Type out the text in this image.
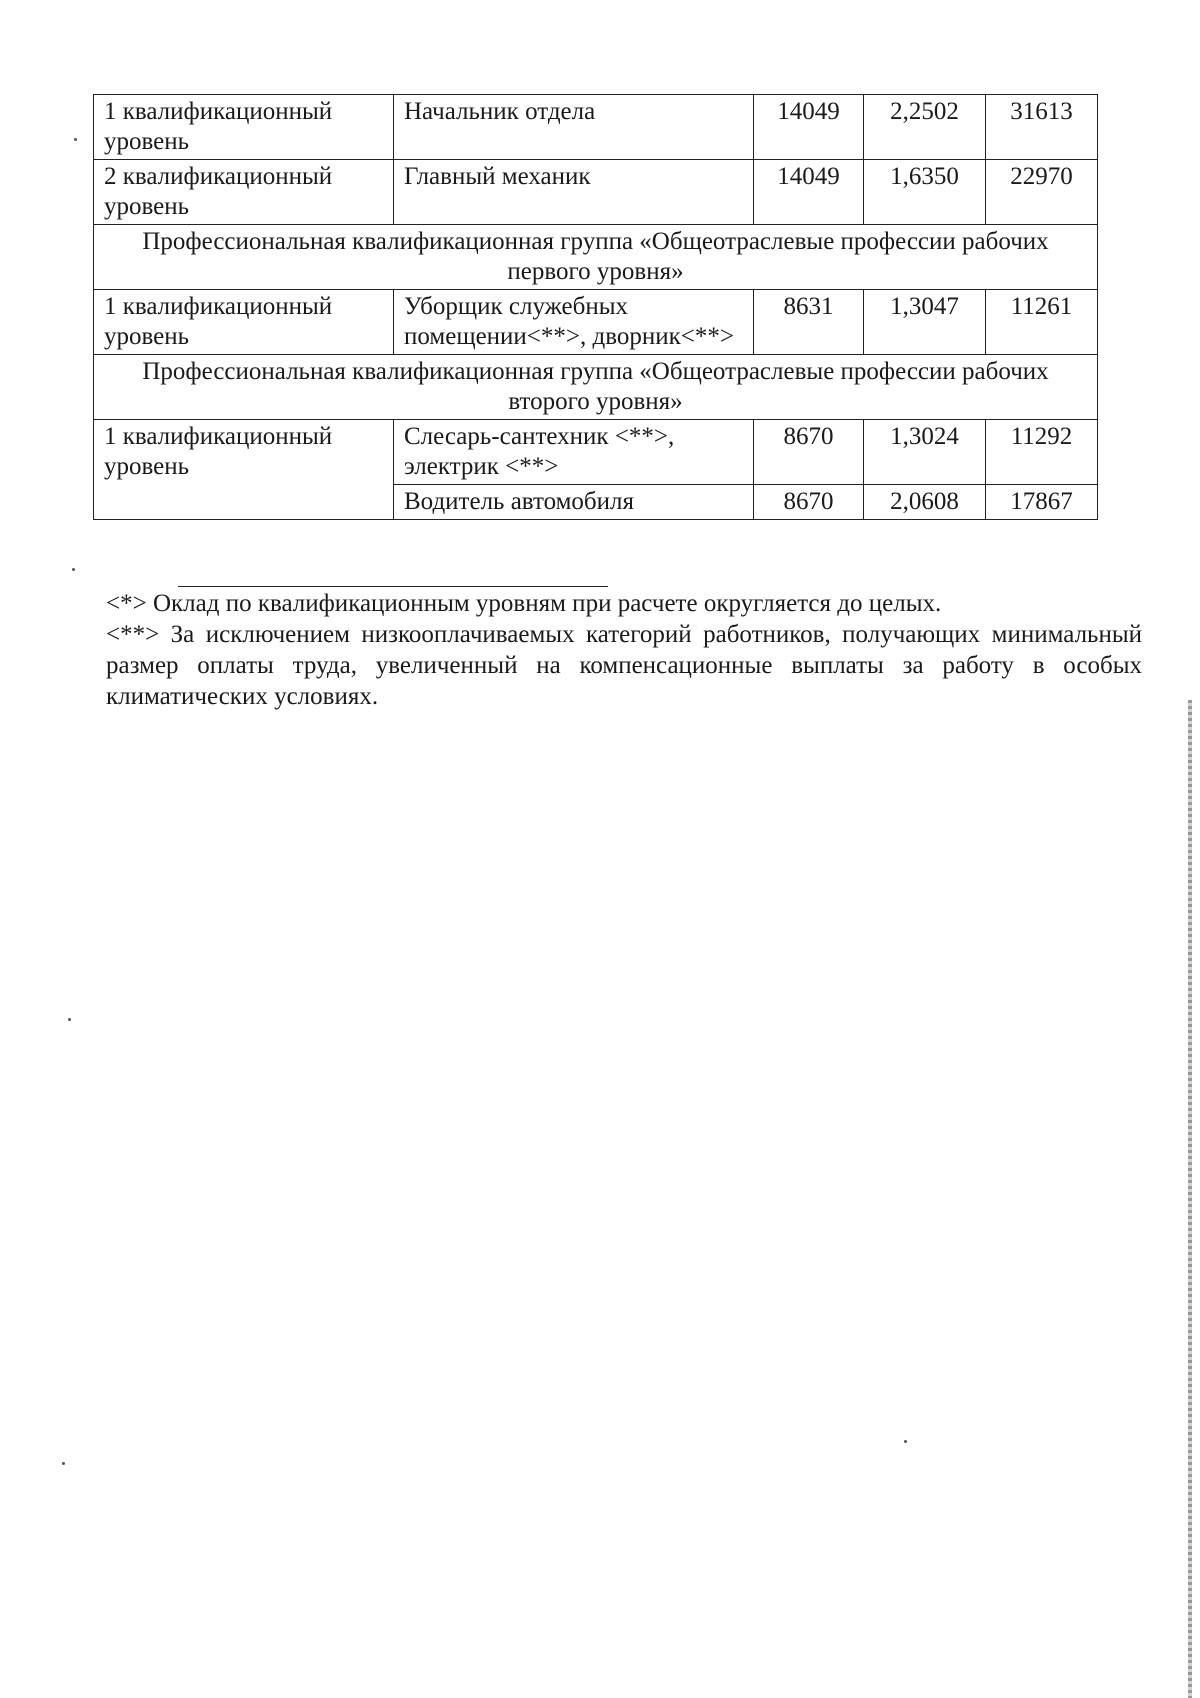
1 квалификационный уровень	Начальник отдела	14049	2,2502	31613
2 квалификационный уровень	Главный механик	14049	1,6350	22970
Профессиональная квалификационная группа «Общеотраслевые профессии рабочих первого уровня»				
1 квалификационный уровень	Уборщик служебных помещении<**>, дворник<**>	8631	1,3047	11261
Профессиональная квалификационная группа «Общеотраслевые профессии рабочих второго уровня»				
1 квалификационный уровень	Слесарь-сантехник <**>, электрик <**>	8670	1,3024	11292
	Водитель автомобиля	8670	2,0608	17867

<*> Оклад по квалификационным уровням при расчете округляется до целых.

<**> За исключением низкооплачиваемых категорий работников, получающих минимальный размер оплаты труда, увеличенный на компенсационные выплаты за работу в особых климатических условиях.
